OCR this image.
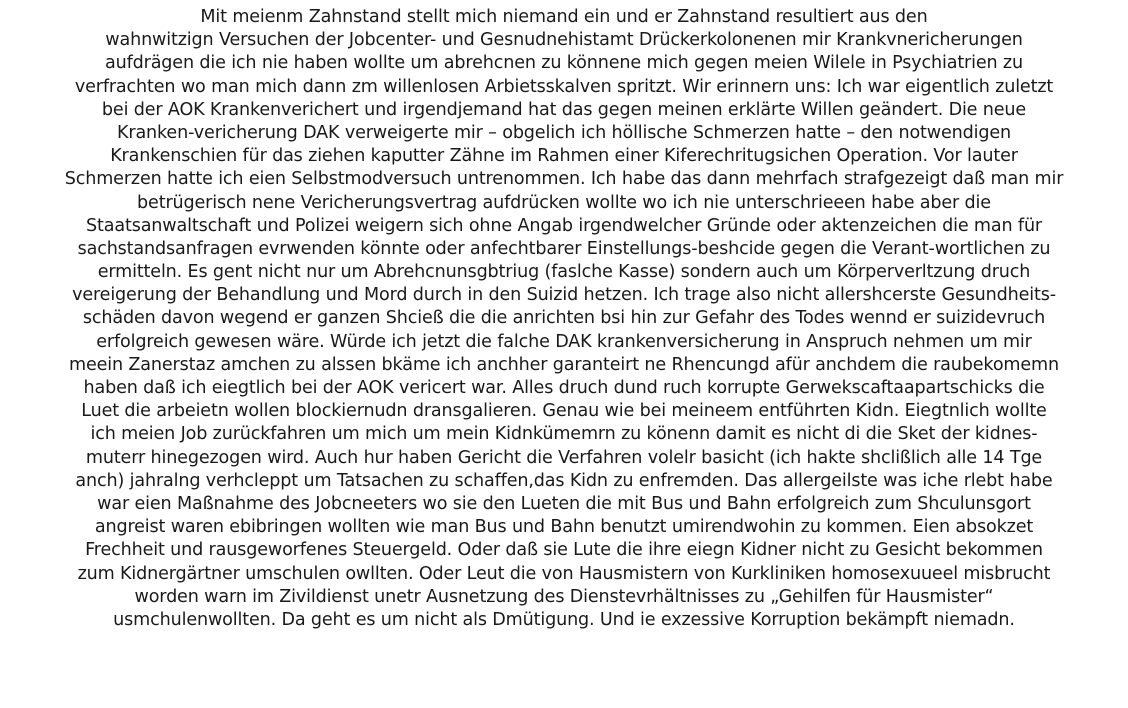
Mit meienm Zahnstand stellt mich niemand ein und er Zahnstand resultiert aus den
wahnwitzign Versuchen der Jobcenter- und Gesnudnehistamt Drückerkolonenen mir Krankvnericherungen
aufdrägen die ich nie haben wollte um abrehcnen zu könnene mich gegen meien Wilele in Psychiatrien zu
verfrachten wo man mich dann zm willenlosen Arbietsskalven spritzt. Wir erinnern uns: Ich war eigentlich zuletzt
bei der AOK Krankenverichert und irgendjemand hat das gegen meinen erklärte Willen geändert. Die neue
Kranken-vericherung DAK verweigerte mir – obgelich ich höllische Schmerzen hatte – den notwendigen
Krankenschien für das ziehen kaputter Zähne im Rahmen einer Kiferechritugsichen Operation. Vor lauter
Schmerzen hatte ich eien Selbstmodversuch untrenommen. Ich habe das dann mehrfach strafgezeigt daß man mir
betrügerisch nene Vericherungsvertrag aufdrücken wollte wo ich nie unterschrieeen habe aber die
Staatsanwaltschaft und Polizei weigern sich ohne Angab irgendwelcher Gründe oder aktenzeichen die man für
sachstandsanfragen evrwenden könnte oder anfechtbarer Einstellungs-beshcide gegen die Verant-wortlichen zu
ermitteln. Es gent nicht nur um Abrehcnunsgbtriug (faslche Kasse) sondern auch um Körperverltzung druch
vereigerung der Behandlung und Mord durch in den Suizid hetzen. Ich trage also nicht allershcerste Gesundheits-
schäden davon wegend er ganzen Shcieß die die anrichten bsi hin zur Gefahr des Todes wennd er suizidevruch
erfolgreich gewesen wäre. Würde ich jetzt die falche DAK krankenversicherung in Anspruch nehmen um mir
meein Zanerstaz amchen zu alssen bkäme ich anchher garanteirt ne Rhencungd afür anchdem die raubekomemn
haben daß ich eiegtlich bei der AOK vericert war. Alles druch dund ruch korrupte Gerwekscaftaapartschicks die
Luet die arbeietn wollen blockiernudn dransgalieren. Genau wie bei meineem entführten Kidn. Eiegtnlich wollte
ich meien Job zurückfahren um mich um mein Kidnkümemrn zu könenn damit es nicht di die Sket der kidnes-
muterr hinegezogen wird. Auch hur haben Gericht die Verfahren volelr basicht (ich hakte shclißlich alle 14 Tge
anch) jahralng verhcleppt um Tatsachen zu schaffen,das Kidn zu enfremden. Das allergeilste was iche rlebt habe
war eien Maßnahme des Jobcneeters wo sie den Lueten die mit Bus und Bahn erfolgreich zum Shculunsgort
angreist waren ebibringen wollten wie man Bus und Bahn benutzt umirendwohin zu kommen. Eien absokzet
Frechheit und rausgeworfenes Steuergeld. Oder daß sie Lute die ihre eiegn Kidner nicht zu Gesicht bekommen
zum Kidnergärtner umschulen owllten. Oder Leut die von Hausmistern von Kurkliniken homosexuueel misbrucht
worden warn im Zivildienst unetr Ausnetzung des Dienstevrhältnisses zu „Gehilfen für Hausmister“
usmchulenwollten. Da geht es um nicht als Dmütigung. Und ie exzessive Korruption bekämpft niemadn.
